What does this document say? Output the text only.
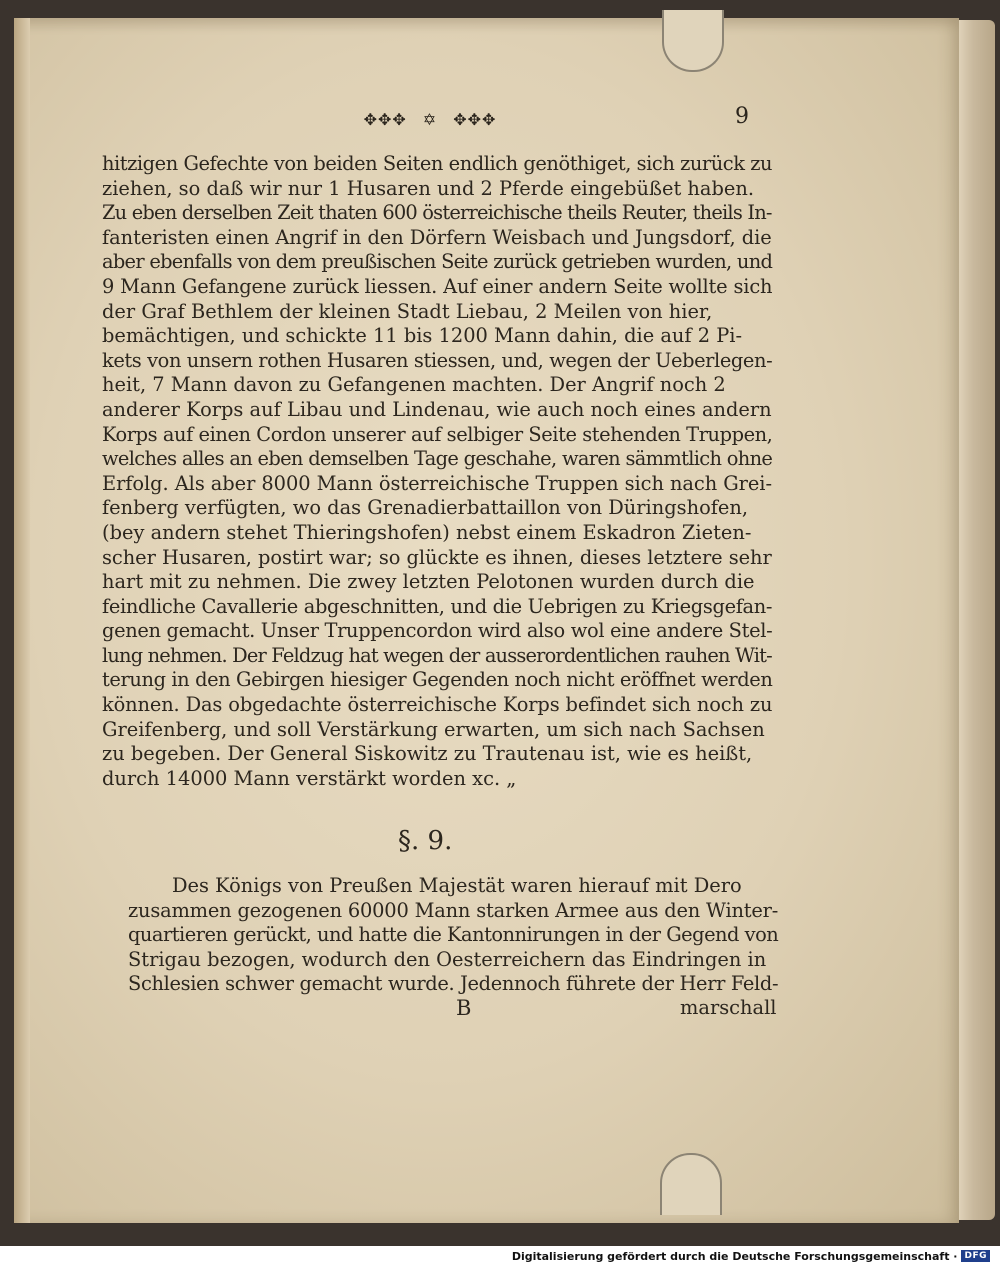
✥✥✥ ✡ ✥✥✥	9
hitzigen Gefechte von beiden Seiten endlich genöthiget, sich zurück zu
ziehen, so daß wir nur 1 Husaren und 2 Pferde eingebüßet haben.
Zu eben derselben Zeit thaten 600 österreichische theils Reuter, theils In-
fanteristen einen Angrif in den Dörfern Weisbach und Jungsdorf, die
aber ebenfalls von dem preußischen Seite zurück getrieben wurden, und
9 Mann Gefangene zurück liessen. Auf einer andern Seite wollte sich
der Graf Bethlem der kleinen Stadt Liebau, 2 Meilen von hier,
bemächtigen, und schickte 11 bis 1200 Mann dahin, die auf 2 Pi-
kets von unsern rothen Husaren stiessen, und, wegen der Ueberlegen-
heit, 7 Mann davon zu Gefangenen machten. Der Angrif noch 2
anderer Korps auf Libau und Lindenau, wie auch noch eines andern
Korps auf einen Cordon unserer auf selbiger Seite stehenden Truppen,
welches alles an eben demselben Tage geschahe, waren sämmtlich ohne
Erfolg. Als aber 8000 Mann österreichische Truppen sich nach Grei-
fenberg verfügten, wo das Grenadierbattaillon von Düringshofen,
(bey andern stehet Thieringshofen) nebst einem Eskadron Zieten-
scher Husaren, postirt war; so glückte es ihnen, dieses letztere sehr
hart mit zu nehmen. Die zwey letzten Pelotonen wurden durch die
feindliche Cavallerie abgeschnitten, und die Uebrigen zu Kriegsgefan-
genen gemacht. Unser Truppencordon wird also wol eine andere Stel-
lung nehmen. Der Feldzug hat wegen der ausserordentlichen rauhen Wit-
terung in den Gebirgen hiesiger Gegenden noch nicht eröffnet werden
können. Das obgedachte österreichische Korps befindet sich noch zu
Greifenberg, und soll Verstärkung erwarten, um sich nach Sachsen
zu begeben. Der General Siskowitz zu Trautenau ist, wie es heißt,
durch 14000 Mann verstärkt worden xc. „
§. 9.
Des Königs von Preußen Majestät waren hierauf mit Dero
zusammen gezogenen 60000 Mann starken Armee aus den Winter-
quartieren gerückt, und hatte die Kantonnirungen in der Gegend von
Strigau bezogen, wodurch den Oesterreichern das Eindringen in
Schlesien schwer gemacht wurde. Jedennoch führete der Herr Feld-
B	marschall
Digitalisierung gefördert durch die Deutsche Forschungsgemeinschaft · DFG
